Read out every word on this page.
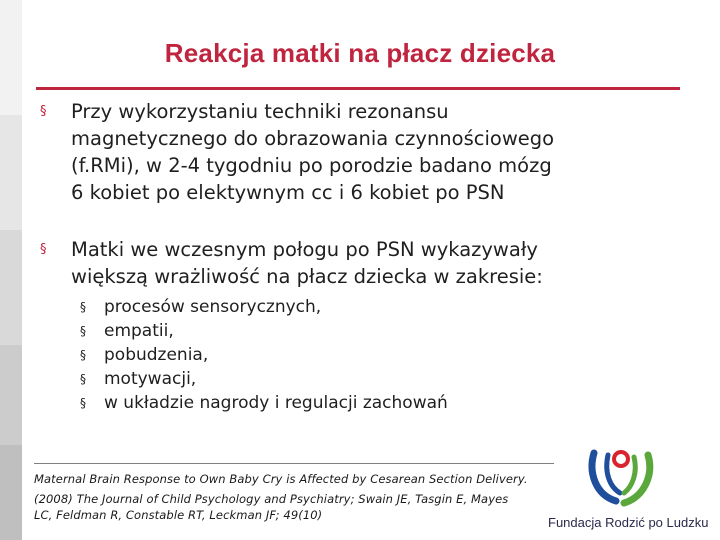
Reakcja matki na płacz dziecka
§ Przy wykorzystaniu techniki rezonansu
magnetycznego do obrazowania czynnościowego
(f.RMi), w 2-4 tygodniu po porodzie badano mózg
6 kobiet po elektywnym cc i 6 kobiet po PSN
§ Matki we wczesnym połogu po PSN wykazywały
większą wrażliwość na płacz dziecka w zakresie:
§ procesów sensorycznych,
§ empatii,
§ pobudzenia,
§ motywacji,
§ w układzie nagrody i regulacji zachowań
Maternal Brain Response to Own Baby Cry is Affected by Cesarean Section Delivery.
(2008) The Journal of Child Psychology and Psychiatry; Swain JE, Tasgin E, Mayes
LC, Feldman R, Constable RT, Leckman JF; 49(10)	Fundacja Rodzić po Ludzku
